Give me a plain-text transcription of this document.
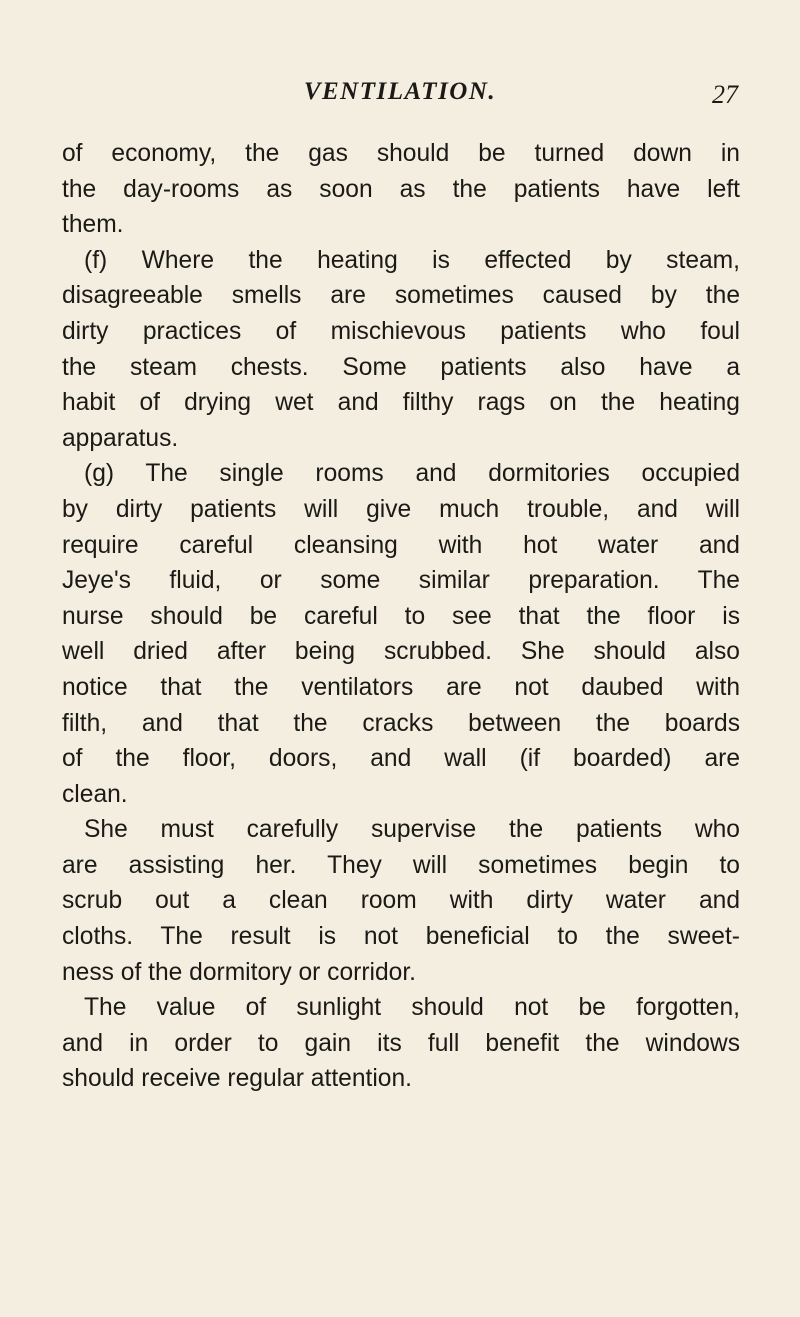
VENTILATION.	27
of economy, the gas should be turned down in
the day-rooms as soon as the patients have left
them.
(f) Where the heating is effected by steam,
disagreeable smells are sometimes caused by the
dirty practices of mischievous patients who foul
the steam chests. Some patients also have a
habit of drying wet and filthy rags on the heating
apparatus.
(g) The single rooms and dormitories occupied
by dirty patients will give much trouble, and will
require careful cleansing with hot water and
Jeye's fluid, or some similar preparation. The
nurse should be careful to see that the floor is
well dried after being scrubbed. She should also
notice that the ventilators are not daubed with
filth, and that the cracks between the boards
of the floor, doors, and wall (if boarded) are
clean.
She must carefully supervise the patients who
are assisting her. They will sometimes begin to
scrub out a clean room with dirty water and
cloths. The result is not beneficial to the sweet-
ness of the dormitory or corridor.
The value of sunlight should not be forgotten,
and in order to gain its full benefit the windows
should receive regular attention.
